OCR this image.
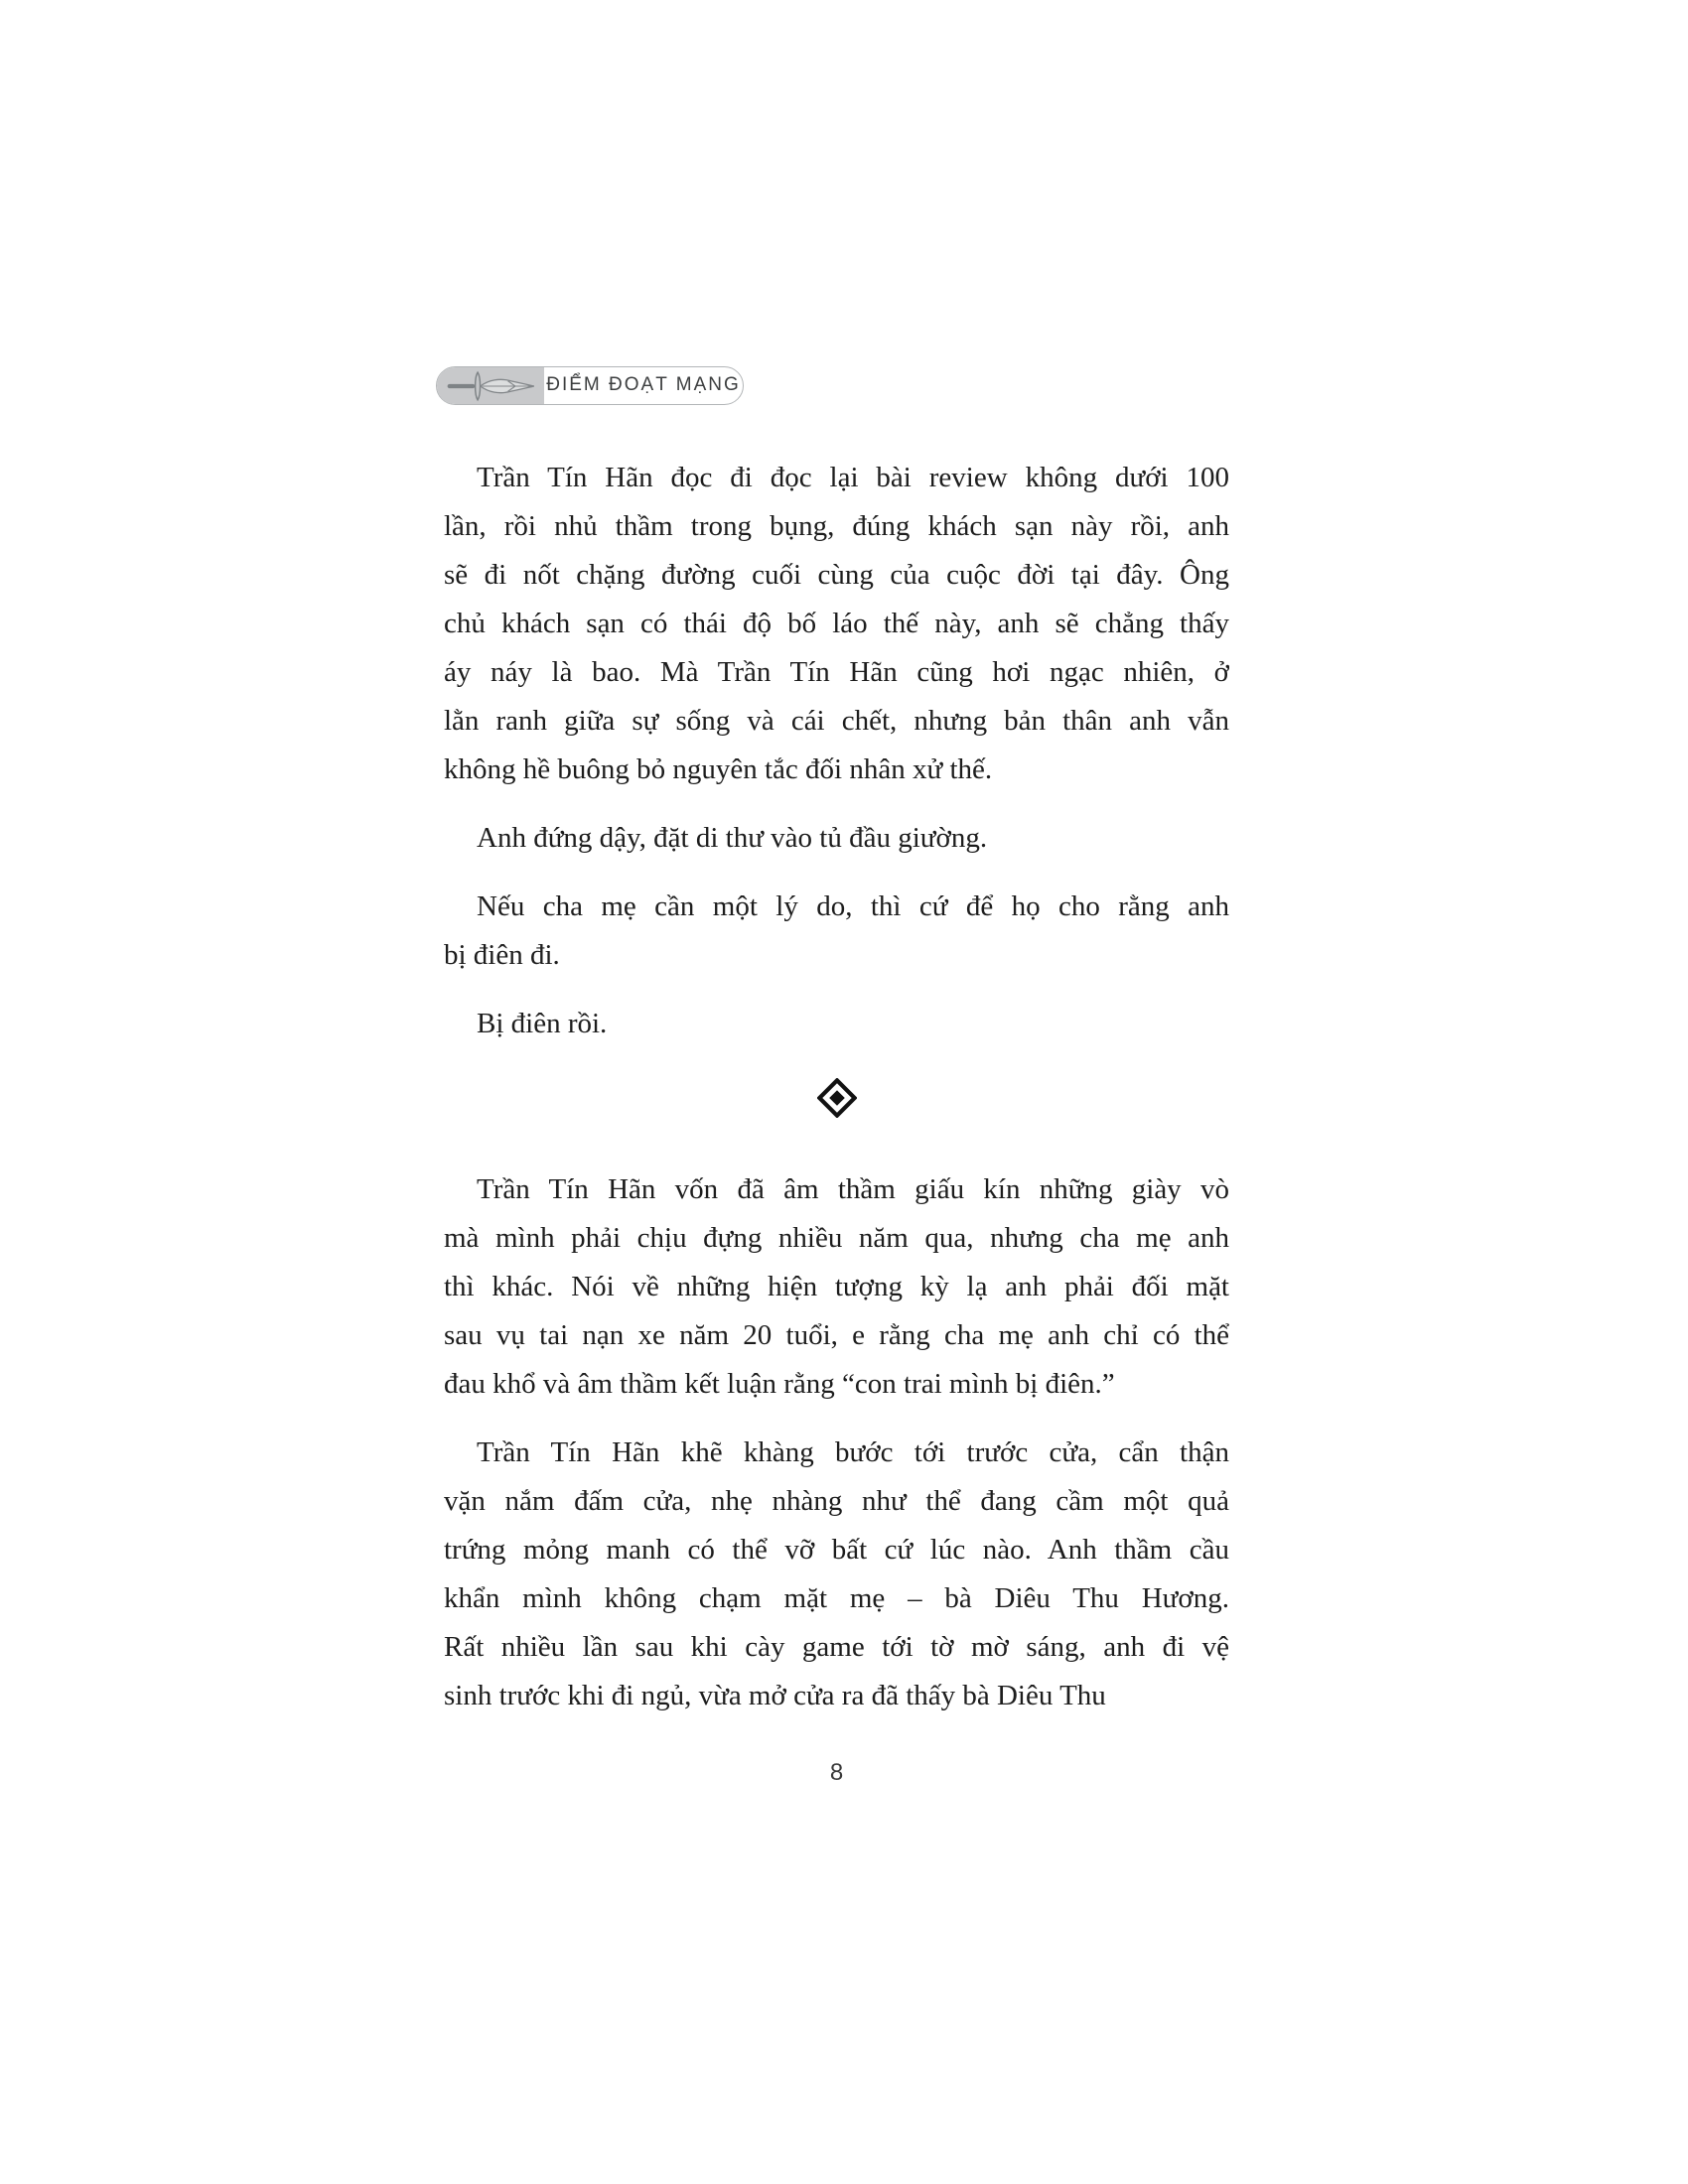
ĐIỂM ĐOẠT MẠNG
Trần Tín Hãn đọc đi đọc lại bài review không dưới 100
lần, rồi nhủ thầm trong bụng, đúng khách sạn này rồi, anh
sẽ đi nốt chặng đường cuối cùng của cuộc đời tại đây. Ông
chủ khách sạn có thái độ bố láo thế này, anh sẽ chẳng thấy
áy náy là bao. Mà Trần Tín Hãn cũng hơi ngạc nhiên, ở
lằn ranh giữa sự sống và cái chết, nhưng bản thân anh vẫn
không hề buông bỏ nguyên tắc đối nhân xử thế.
Anh đứng dậy, đặt di thư vào tủ đầu giường.
Nếu cha mẹ cần một lý do, thì cứ để họ cho rằng anh
bị điên đi.
Bị điên rồi.
Trần Tín Hãn vốn đã âm thầm giấu kín những giày vò
mà mình phải chịu đựng nhiều năm qua, nhưng cha mẹ anh
thì khác. Nói về những hiện tượng kỳ lạ anh phải đối mặt
sau vụ tai nạn xe năm 20 tuổi, e rằng cha mẹ anh chỉ có thể
đau khổ và âm thầm kết luận rằng “con trai mình bị điên.”
Trần Tín Hãn khẽ khàng bước tới trước cửa, cẩn thận
vặn nắm đấm cửa, nhẹ nhàng như thể đang cầm một quả
trứng mỏng manh có thể vỡ bất cứ lúc nào. Anh thầm cầu
khẩn mình không chạm mặt mẹ – bà Diêu Thu Hương.
Rất nhiều lần sau khi cày game tới tờ mờ sáng, anh đi vệ
sinh trước khi đi ngủ, vừa mở cửa ra đã thấy bà Diêu Thu
8
